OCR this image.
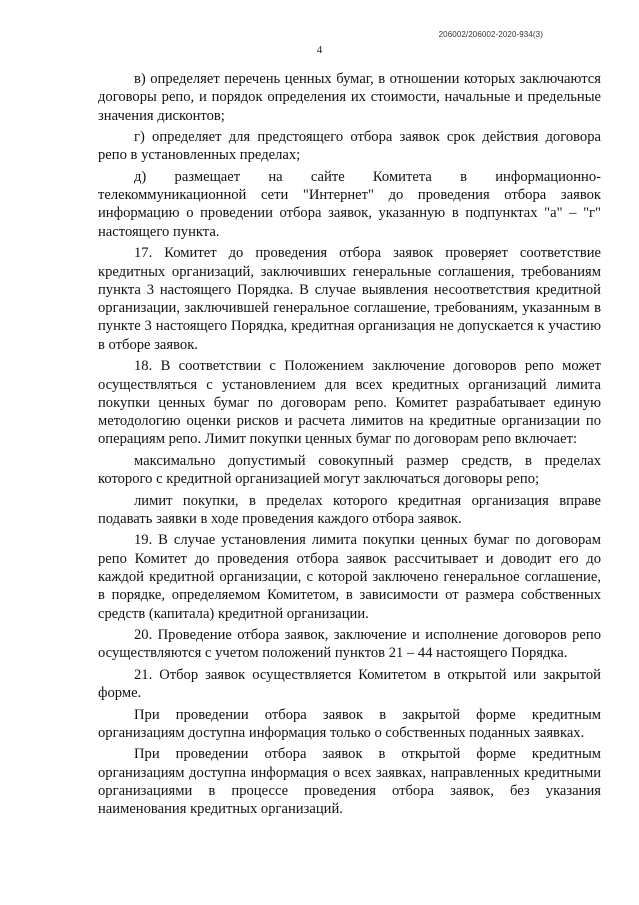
206002/206002-2020-934(3)
4

в) определяет перечень ценных бумаг, в отношении которых заключаются договоры репо, и порядок определения их стоимости, начальные и предельные значения дисконтов;

г) определяет для предстоящего отбора заявок срок действия договора репо в установленных пределах;

д) размещает на сайте Комитета в информационно-телекоммуникационной сети "Интернет" до проведения отбора заявок информацию о проведении отбора заявок, указанную в подпунктах "а" – "г" настоящего пункта.

17. Комитет до проведения отбора заявок проверяет соответствие кредитных организаций, заключивших генеральные соглашения, требованиям пункта 3 настоящего Порядка. В случае выявления несоответствия кредитной организации, заключившей генеральное соглашение, требованиям, указанным в пункте 3 настоящего Порядка, кредитная организация не допускается к участию в отборе заявок.

18. В соответствии с Положением заключение договоров репо может осуществляться с установлением для всех кредитных организаций лимита покупки ценных бумаг по договорам репо. Комитет разрабатывает единую методологию оценки рисков и расчета лимитов на кредитные организации по операциям репо. Лимит покупки ценных бумаг по договорам репо включает:

максимально допустимый совокупный размер средств, в пределах которого с кредитной организацией могут заключаться договоры репо;

лимит покупки, в пределах которого кредитная организация вправе подавать заявки в ходе проведения каждого отбора заявок.

19. В случае установления лимита покупки ценных бумаг по договорам репо Комитет до проведения отбора заявок рассчитывает и доводит его до каждой кредитной организации, с которой заключено генеральное соглашение, в порядке, определяемом Комитетом, в зависимости от размера собственных средств (капитала) кредитной организации.

20. Проведение отбора заявок, заключение и исполнение договоров репо осуществляются с учетом положений пунктов 21 – 44 настоящего Порядка.

21. Отбор заявок осуществляется Комитетом в открытой или закрытой форме.

При проведении отбора заявок в закрытой форме кредитным организациям доступна информация только о собственных поданных заявках.

При проведении отбора заявок в открытой форме кредитным организациям доступна информация о всех заявках, направленных кредитными организациями в процессе проведения отбора заявок, без указания наименования кредитных организаций.
